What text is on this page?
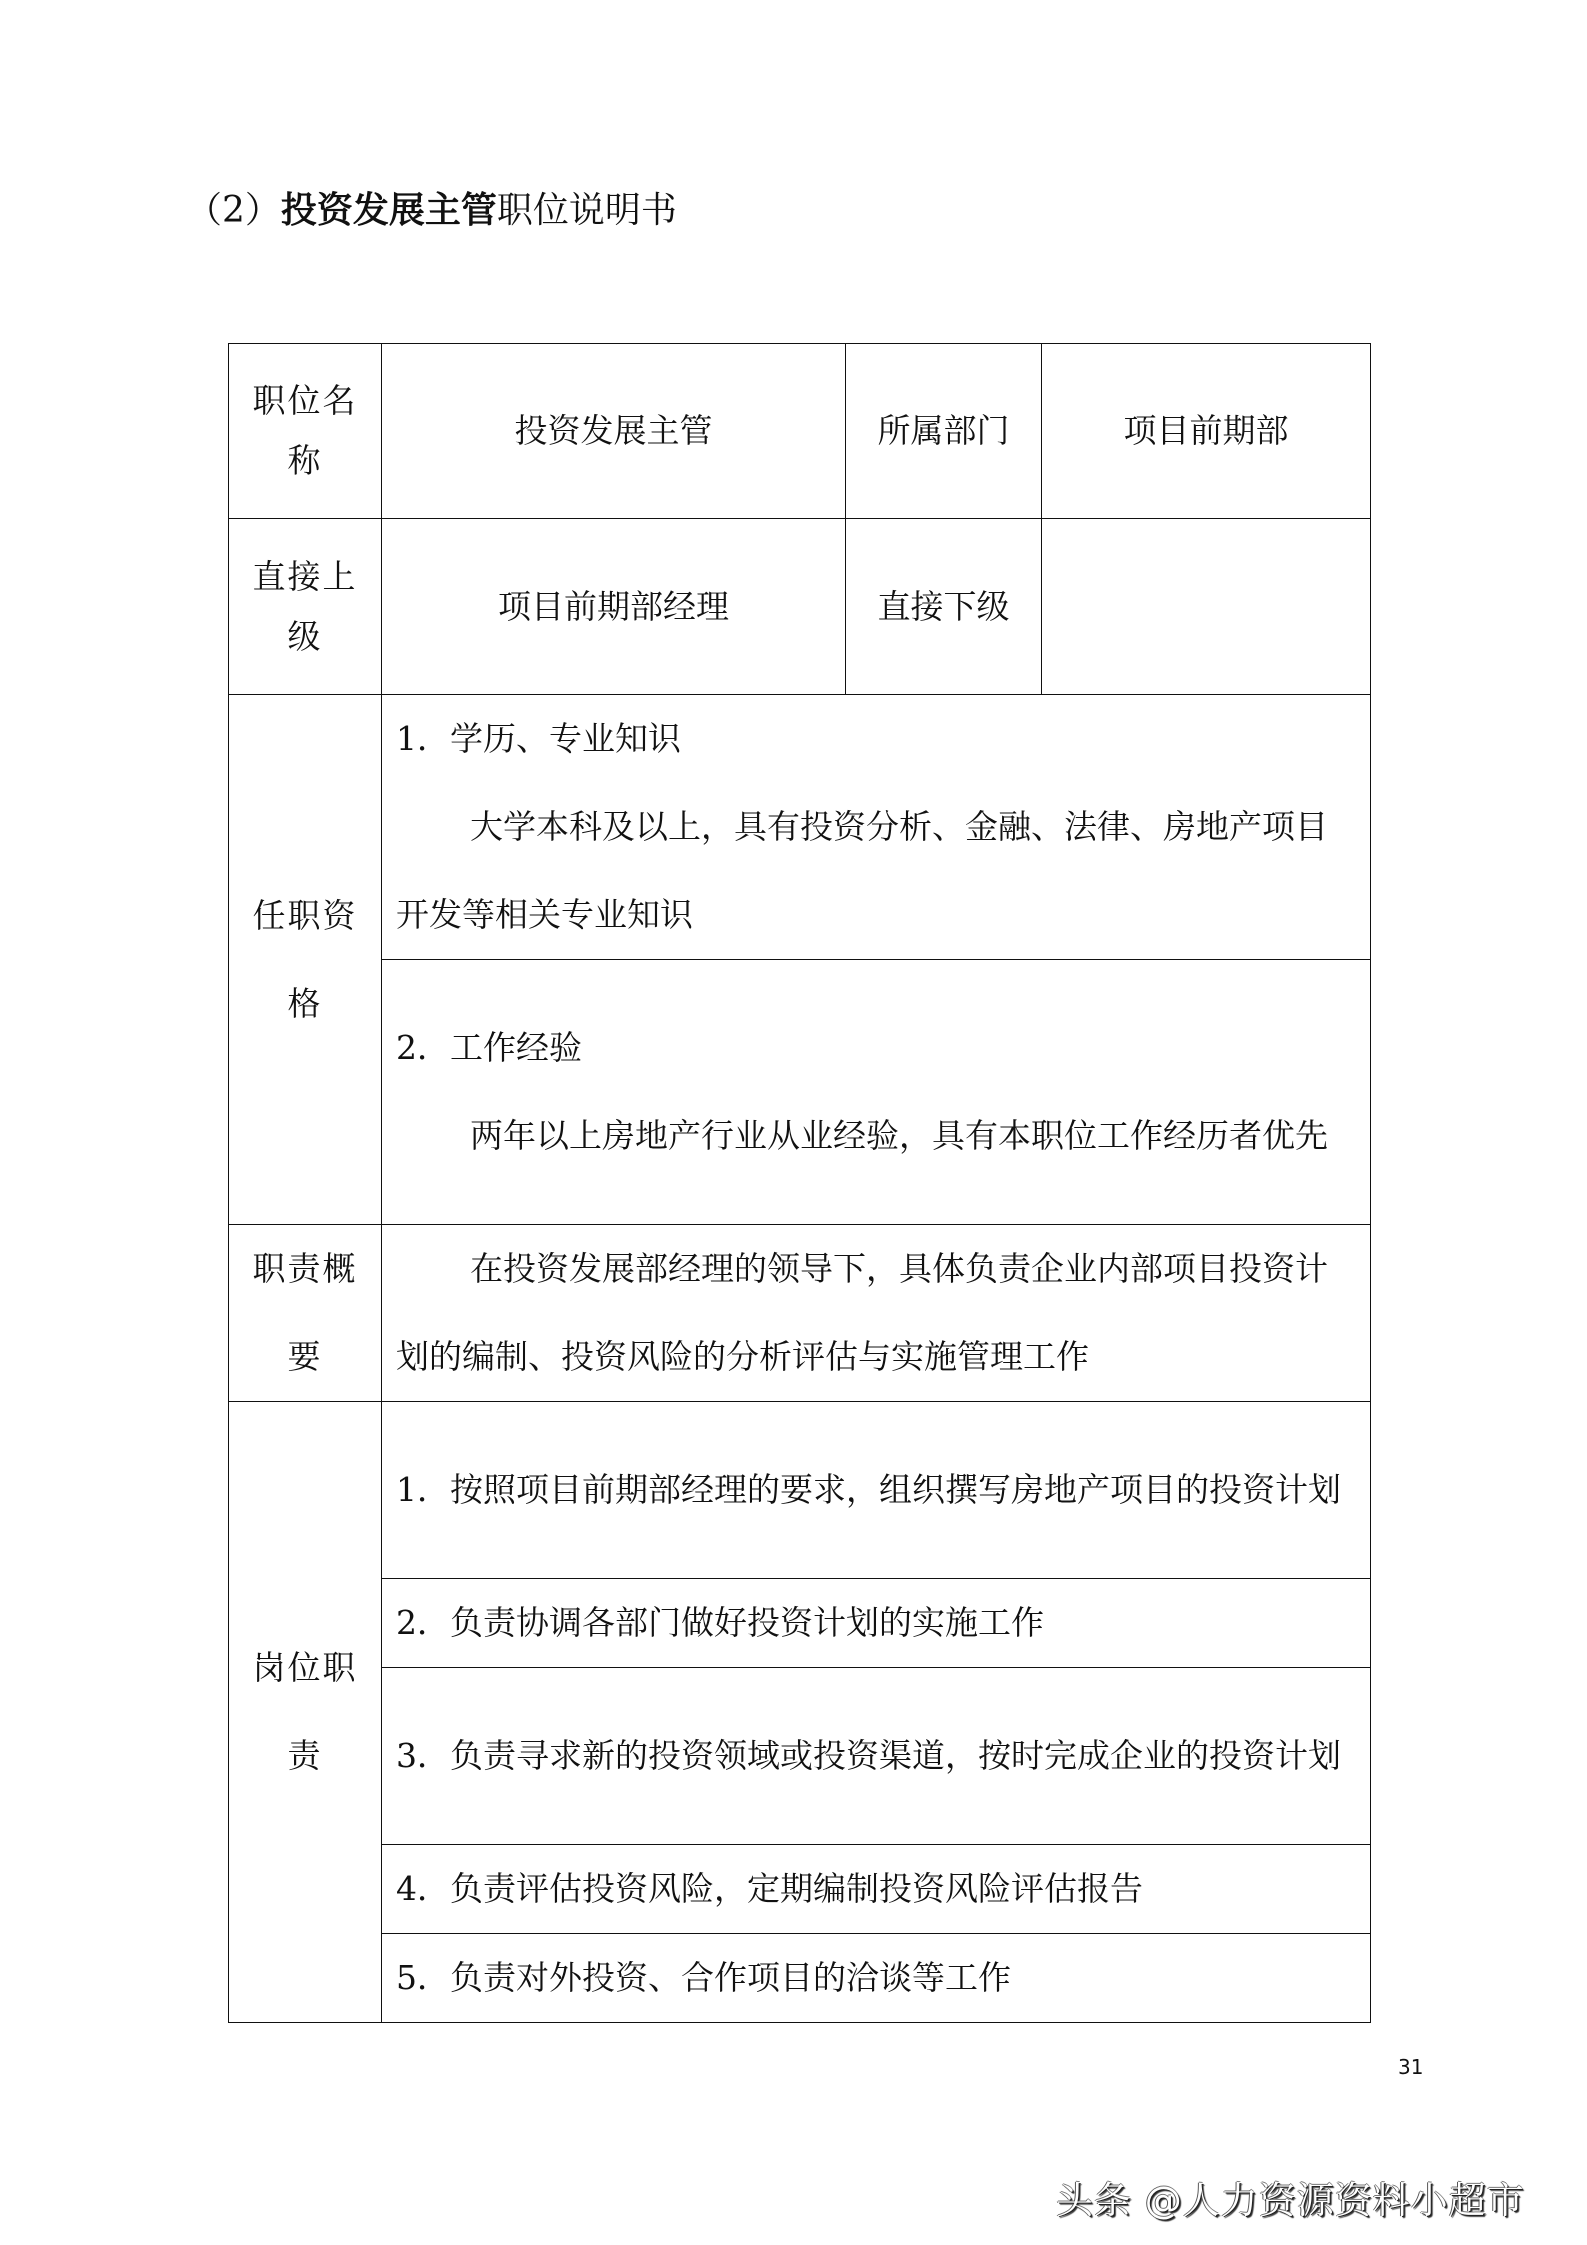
（2）投资发展主管职位说明书
职位名称	投资发展主管	所属部门	项目前期部
直接上级	项目前期部经理	直接下级	
任职资格	1．学历、专业知识
大学本科及以上，具有投资分析、金融、法律、房地产项目开发等相关专业知识		

	2．工作经验
两年以上房地产行业从业经验，具有本职位工作经历者优先		

职责概要	在投资发展部经理的领导下，具体负责企业内部项目投资计划的编制、投资风险的分析评估与实施管理工作		
岗位职责	1．按照项目前期部经理的要求，组织撰写房地产项目的投资计划		
	2．负责协调各部门做好投资计划的实施工作		
	3．负责寻求新的投资领域或投资渠道，按时完成企业的投资计划		
	4．负责评估投资风险，定期编制投资风险评估报告		
	5．负责对外投资、合作项目的洽谈等工作		
31
头条 @人力资源资料小超市
